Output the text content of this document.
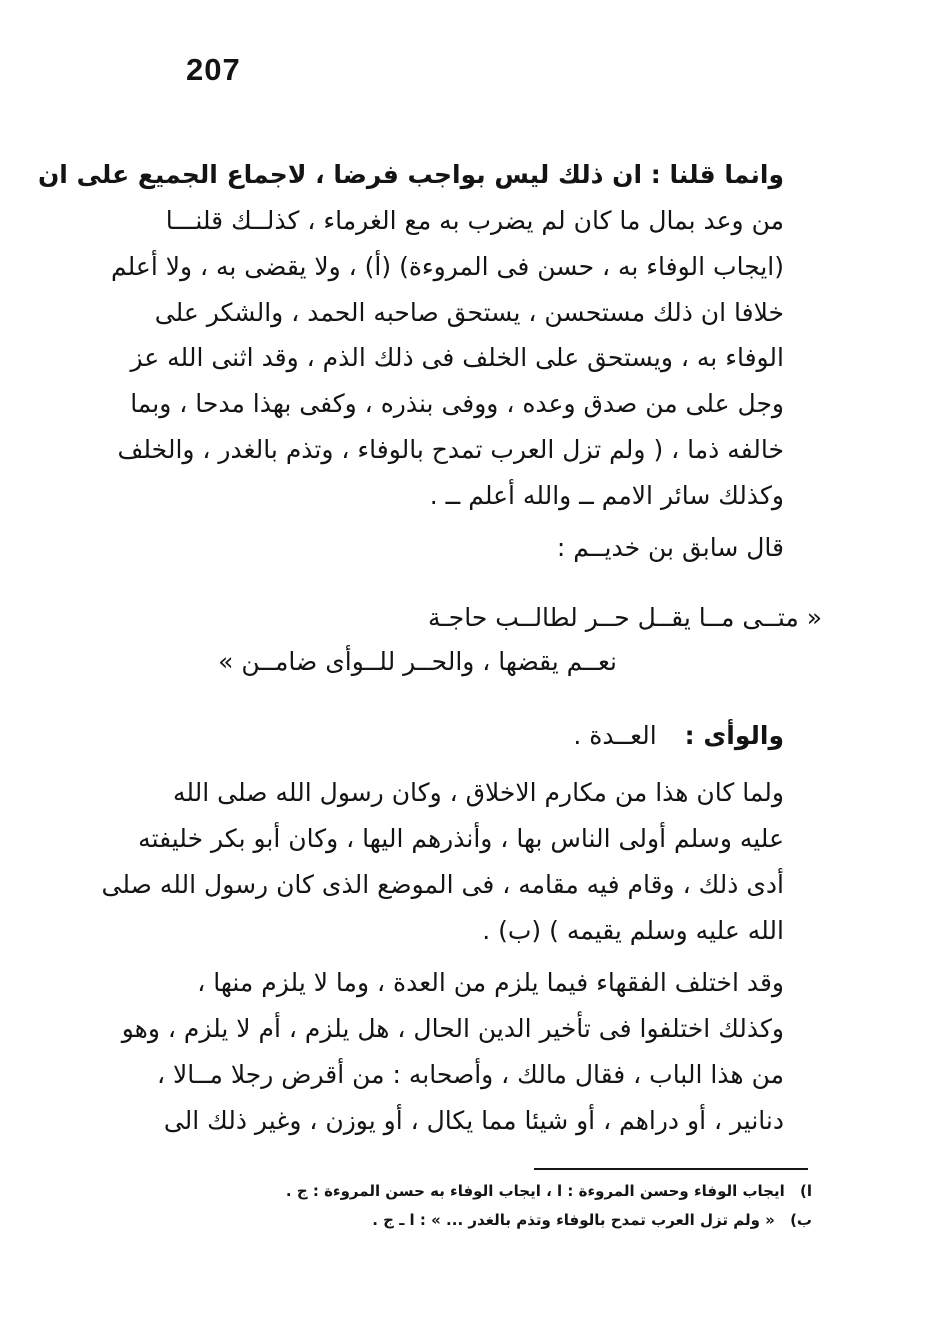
207
وانما قلنا : ان ذلك ليس بواجب فرضا ، لاجماع الجميع على ان
من وعد بمال ما كان لم يضرب به مع الغرماء ، كذلــك قلنـــا
(ايجاب الوفاء به ، حسن فى المروءة) (أ) ، ولا يقضى به ، ولا أعلم
خلافا ان ذلك مستحسن ، يستحق صاحبه الحمد ، والشكر على
الوفاء به ، ويستحق على الخلف فى ذلك الذم ، وقد اثنى الله عز
وجل على من صدق وعده ، ووفى بنذره ، وكفى بهذا مدحا ، وبما
خالفه ذما ، ( ولم تزل العرب تمدح بالوفاء ، وتذم بالغدر ، والخلف
وكذلك سائر الامم ــ والله أعلم ــ .
قال سابق بن خديــم :
« متــى مــا يقــل حــر لطالــب حاجـة
نعــم يقضها ، والحــر للــوأى ضامــن »
والوأى :  العــدة .
ولما كان هذا من مكارم الاخلاق ، وكان رسول الله صلى الله
عليه وسلم أولى الناس بها ، وأنذرهم اليها ، وكان أبو بكر خليفته
أدى ذلك ، وقام فيه مقامه ، فى الموضع الذى كان رسول الله صلى
الله عليه وسلم يقيمه ) (ب) .
وقد اختلف الفقهاء فيما يلزم من العدة ، وما لا يلزم منها ،
وكذلك اختلفوا فى تأخير الدين الحال ، هل يلزم ، أم لا يلزم ، وهو
من هذا الباب ، فقال مالك ، وأصحابه : من أقرض رجلا مــالا ،
دنانير ، أو دراهم ، أو شيئا مما يكال ، أو يوزن ، وغير ذلك الى
ا) ايجاب الوفاء وحسن المروءة : ا ، ايجاب الوفاء به حسن المروءة : ج .
ب) « ولم تزل العرب تمدح بالوفاء وتذم بالغدر ... » : ا ـ ج .
